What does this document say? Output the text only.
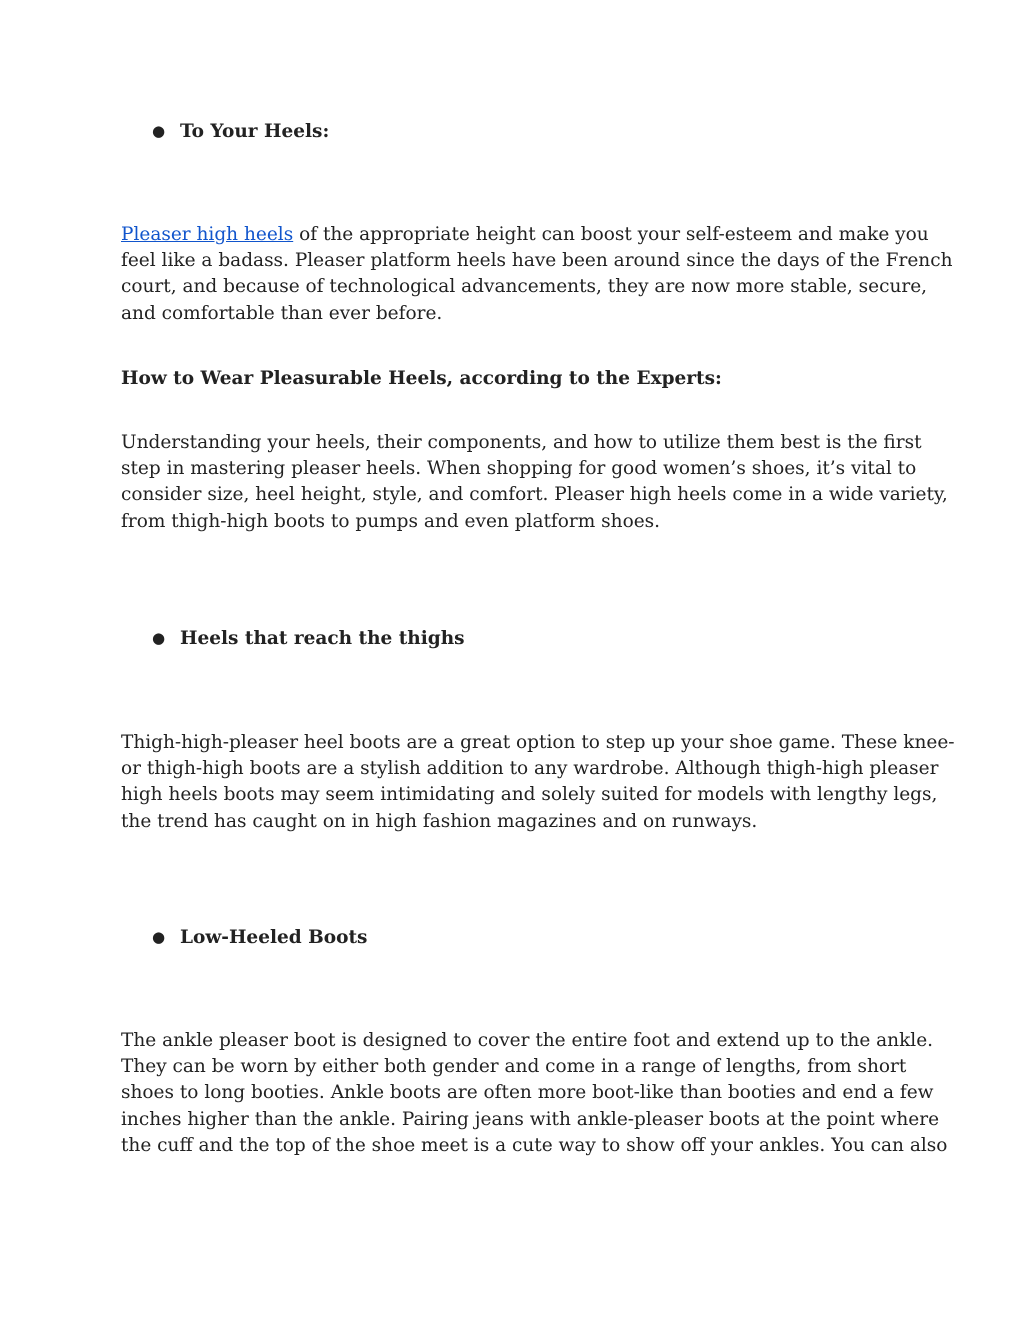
● To Your Heels:

Pleaser high heels of the appropriate height can boost your self-esteem and make you
feel like a badass. Pleaser platform heels have been around since the days of the French
court, and because of technological advancements, they are now more stable, secure,
and comfortable than ever before.

How to Wear Pleasurable Heels, according to the Experts:

Understanding your heels, their components, and how to utilize them best is the first
step in mastering pleaser heels. When shopping for good women’s shoes, it’s vital to
consider size, heel height, style, and comfort. Pleaser high heels come in a wide variety,
from thigh-high boots to pumps and even platform shoes.

● Heels that reach the thighs

Thigh-high-pleaser heel boots are a great option to step up your shoe game. These knee-
or thigh-high boots are a stylish addition to any wardrobe. Although thigh-high pleaser
high heels boots may seem intimidating and solely suited for models with lengthy legs,
the trend has caught on in high fashion magazines and on runways.

● Low-Heeled Boots

The ankle pleaser boot is designed to cover the entire foot and extend up to the ankle.
They can be worn by either both gender and come in a range of lengths, from short
shoes to long booties. Ankle boots are often more boot-like than booties and end a few
inches higher than the ankle. Pairing jeans with ankle-pleaser boots at the point where
the cuff and the top of the shoe meet is a cute way to show off your ankles. You can also
